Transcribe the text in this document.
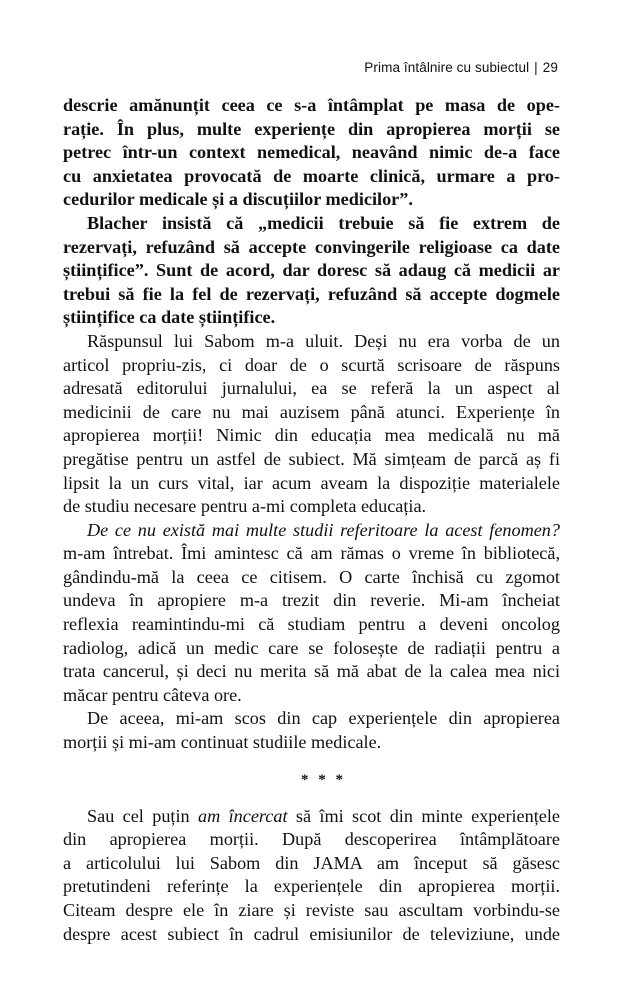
Prima întâlnire cu subiectul | 29

descrie amănunțit ceea ce s-a întâmplat pe masa de ope-
rație. În plus, multe experiențe din apropierea morții se
petrec într-un context nemedical, neavând nimic de-a face
cu anxietatea provocată de moarte clinică, urmare a pro-
cedurilor medicale și a discuțiilor medicilor”.

Blacher insistă că „medicii trebuie să fie extrem de
rezervați, refuzând să accepte convingerile religioase ca date
științifice”. Sunt de acord, dar doresc să adaug că medicii ar
trebui să fie la fel de rezervați, refuzând să accepte dogmele
științifice ca date științifice.

Răspunsul lui Sabom m-a uluit. Deși nu era vorba de un
articol propriu-zis, ci doar de o scurtă scrisoare de răspuns
adresată editorului jurnalului, ea se referă la un aspect al
medicinii de care nu mai auzisem până atunci. Experiențe în
apropierea morții! Nimic din educația mea medicală nu mă
pregătise pentru un astfel de subiect. Mă simțeam de parcă aș fi
lipsit la un curs vital, iar acum aveam la dispoziție materialele
de studiu necesare pentru a-mi completa educația.

De ce nu există mai multe studii referitoare la acest fenomen?
m-am întrebat. Îmi amintesc că am rămas o vreme în bibliotecă,
gândindu-mă la ceea ce citisem. O carte închisă cu zgomot
undeva în apropiere m-a trezit din reverie. Mi-am încheiat
reflexia reamintindu-mi că studiam pentru a deveni oncolog
radiolog, adică un medic care se folosește de radiații pentru a
trata cancerul, și deci nu merita să mă abat de la calea mea nici
măcar pentru câteva ore.

De aceea, mi-am scos din cap experiențele din apropierea
morții și mi-am continuat studiile medicale.

* * *

Sau cel puțin am încercat să îmi scot din minte experiențele
din apropierea morții. După descoperirea întâmplătoare
a articolului lui Sabom din JAMA am început să găsesc
pretutindeni referințe la experiențele din apropierea morții.
Citeam despre ele în ziare și reviste sau ascultam vorbindu-se
despre acest subiect în cadrul emisiunilor de televiziune, unde
